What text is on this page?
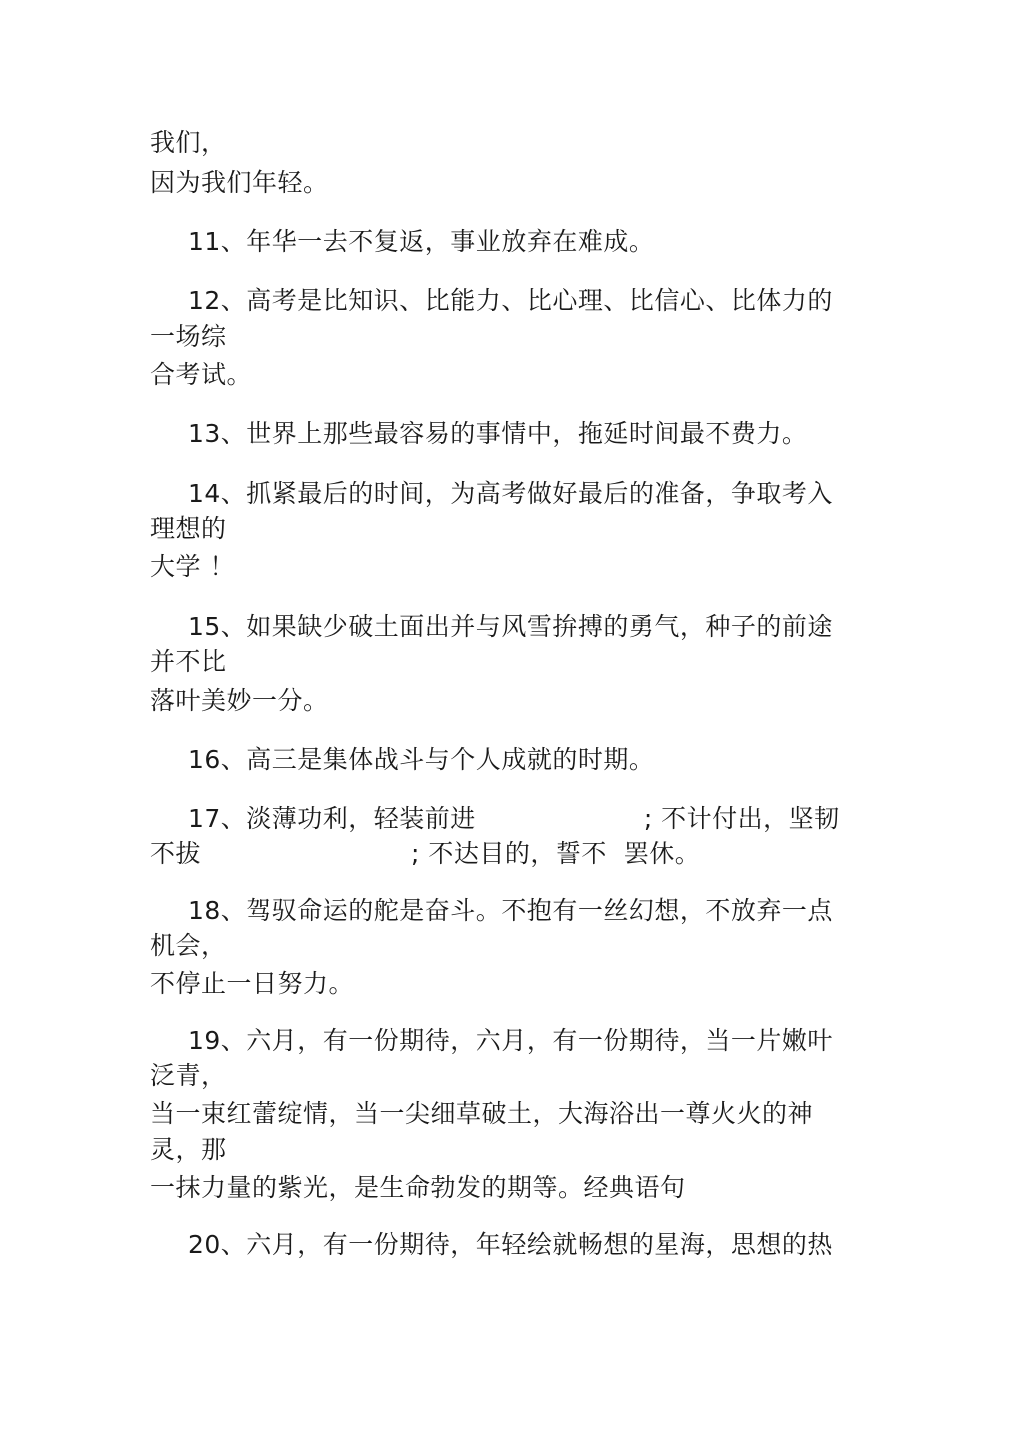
我们，
因为我们年轻。
11、年华一去不复返，事业放弃在难成。
12、高考是比知识、比能力、比心理、比信心、比体力的
一场综
合考试。
13、世界上那些最容易的事情中，拖延时间最不费力。
14、抓紧最后的时间，为高考做好最后的准备，争取考入
理想的
大学 ！
15、如果缺少破土面出并与风雪拚搏的勇气，种子的前途
并不比
落叶美妙一分。
16、高三是集体战斗与个人成就的时期。
17、淡薄功利，轻装前进	; 不计付出，坚韧
不拔	; 不达目的，誓不  罢休。
18、驾驭命运的舵是奋斗。不抱有一丝幻想，不放弃一点
机会，
不停止一日努力。
19、六月，有一份期待，六月，有一份期待，当一片嫩叶
泛青，
当一束红蕾绽情，当一尖细草破土，大海浴出一尊火火的神
灵，那
一抹力量的紫光，是生命勃发的期等。经典语句
20、六月，有一份期待，年轻绘就畅想的星海，思想的热
